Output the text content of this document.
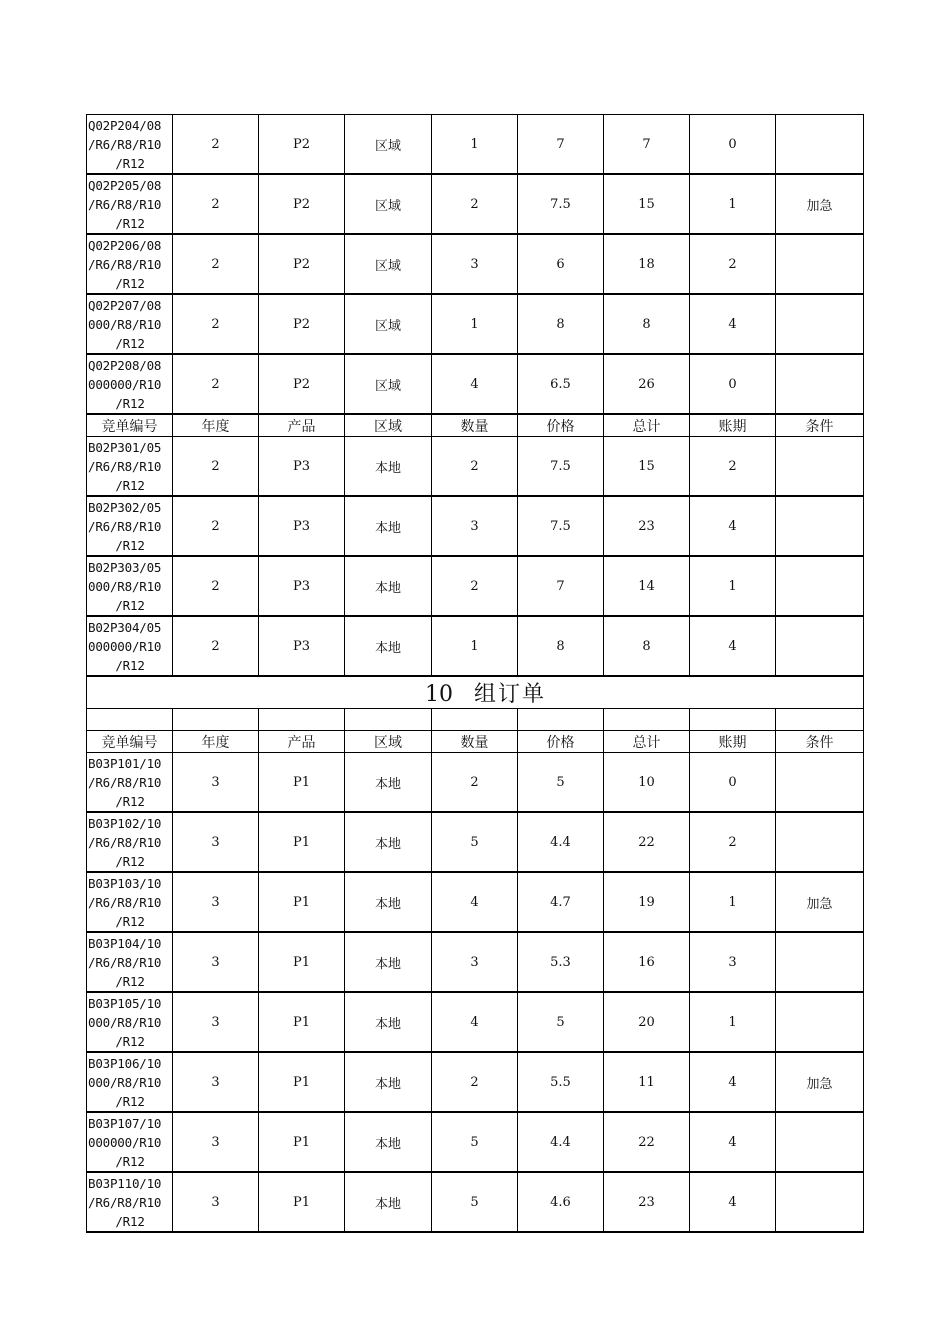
Q02P204/08
/R6/R8/R10
/R12	2	P2	区域	1	7	7	0	

Q02P205/08
/R6/R8/R10
/R12	2	P2	区域	2	7.5	15	1	加急

Q02P206/08
/R6/R8/R10
/R12	2	P2	区域	3	6	18	2	

Q02P207/08
000/R8/R10
/R12	2	P2	区域	1	8	8	4	

Q02P208/08
000000/R10
/R12	2	P2	区域	4	6.5	26	0	
竞单编号	年度	产品	区域	数量	价格	总计	账期	条件

B02P301/05
/R6/R8/R10
/R12	2	P3	本地	2	7.5	15	2	

B02P302/05
/R6/R8/R10
/R12	2	P3	本地	3	7.5	23	4	

B02P303/05
000/R8/R10
/R12	2	P3	本地	2	7	14	1	

B02P304/05
000000/R10
/R12	2	P3	本地	1	8	8	4	
10 组订单								

竞单编号	年度	产品	区域	数量	价格	总计	账期	条件

B03P101/10
/R6/R8/R10
/R12	3	P1	本地	2	5	10	0	

B03P102/10
/R6/R8/R10
/R12	3	P1	本地	5	4.4	22	2	

B03P103/10
/R6/R8/R10
/R12	3	P1	本地	4	4.7	19	1	加急

B03P104/10
/R6/R8/R10
/R12	3	P1	本地	3	5.3	16	3	

B03P105/10
000/R8/R10
/R12	3	P1	本地	4	5	20	1	

B03P106/10
000/R8/R10
/R12	3	P1	本地	2	5.5	11	4	加急

B03P107/10
000000/R10
/R12	3	P1	本地	5	4.4	22	4	

B03P110/10
/R6/R8/R10
/R12	3	P1	本地	5	4.6	23	4	
